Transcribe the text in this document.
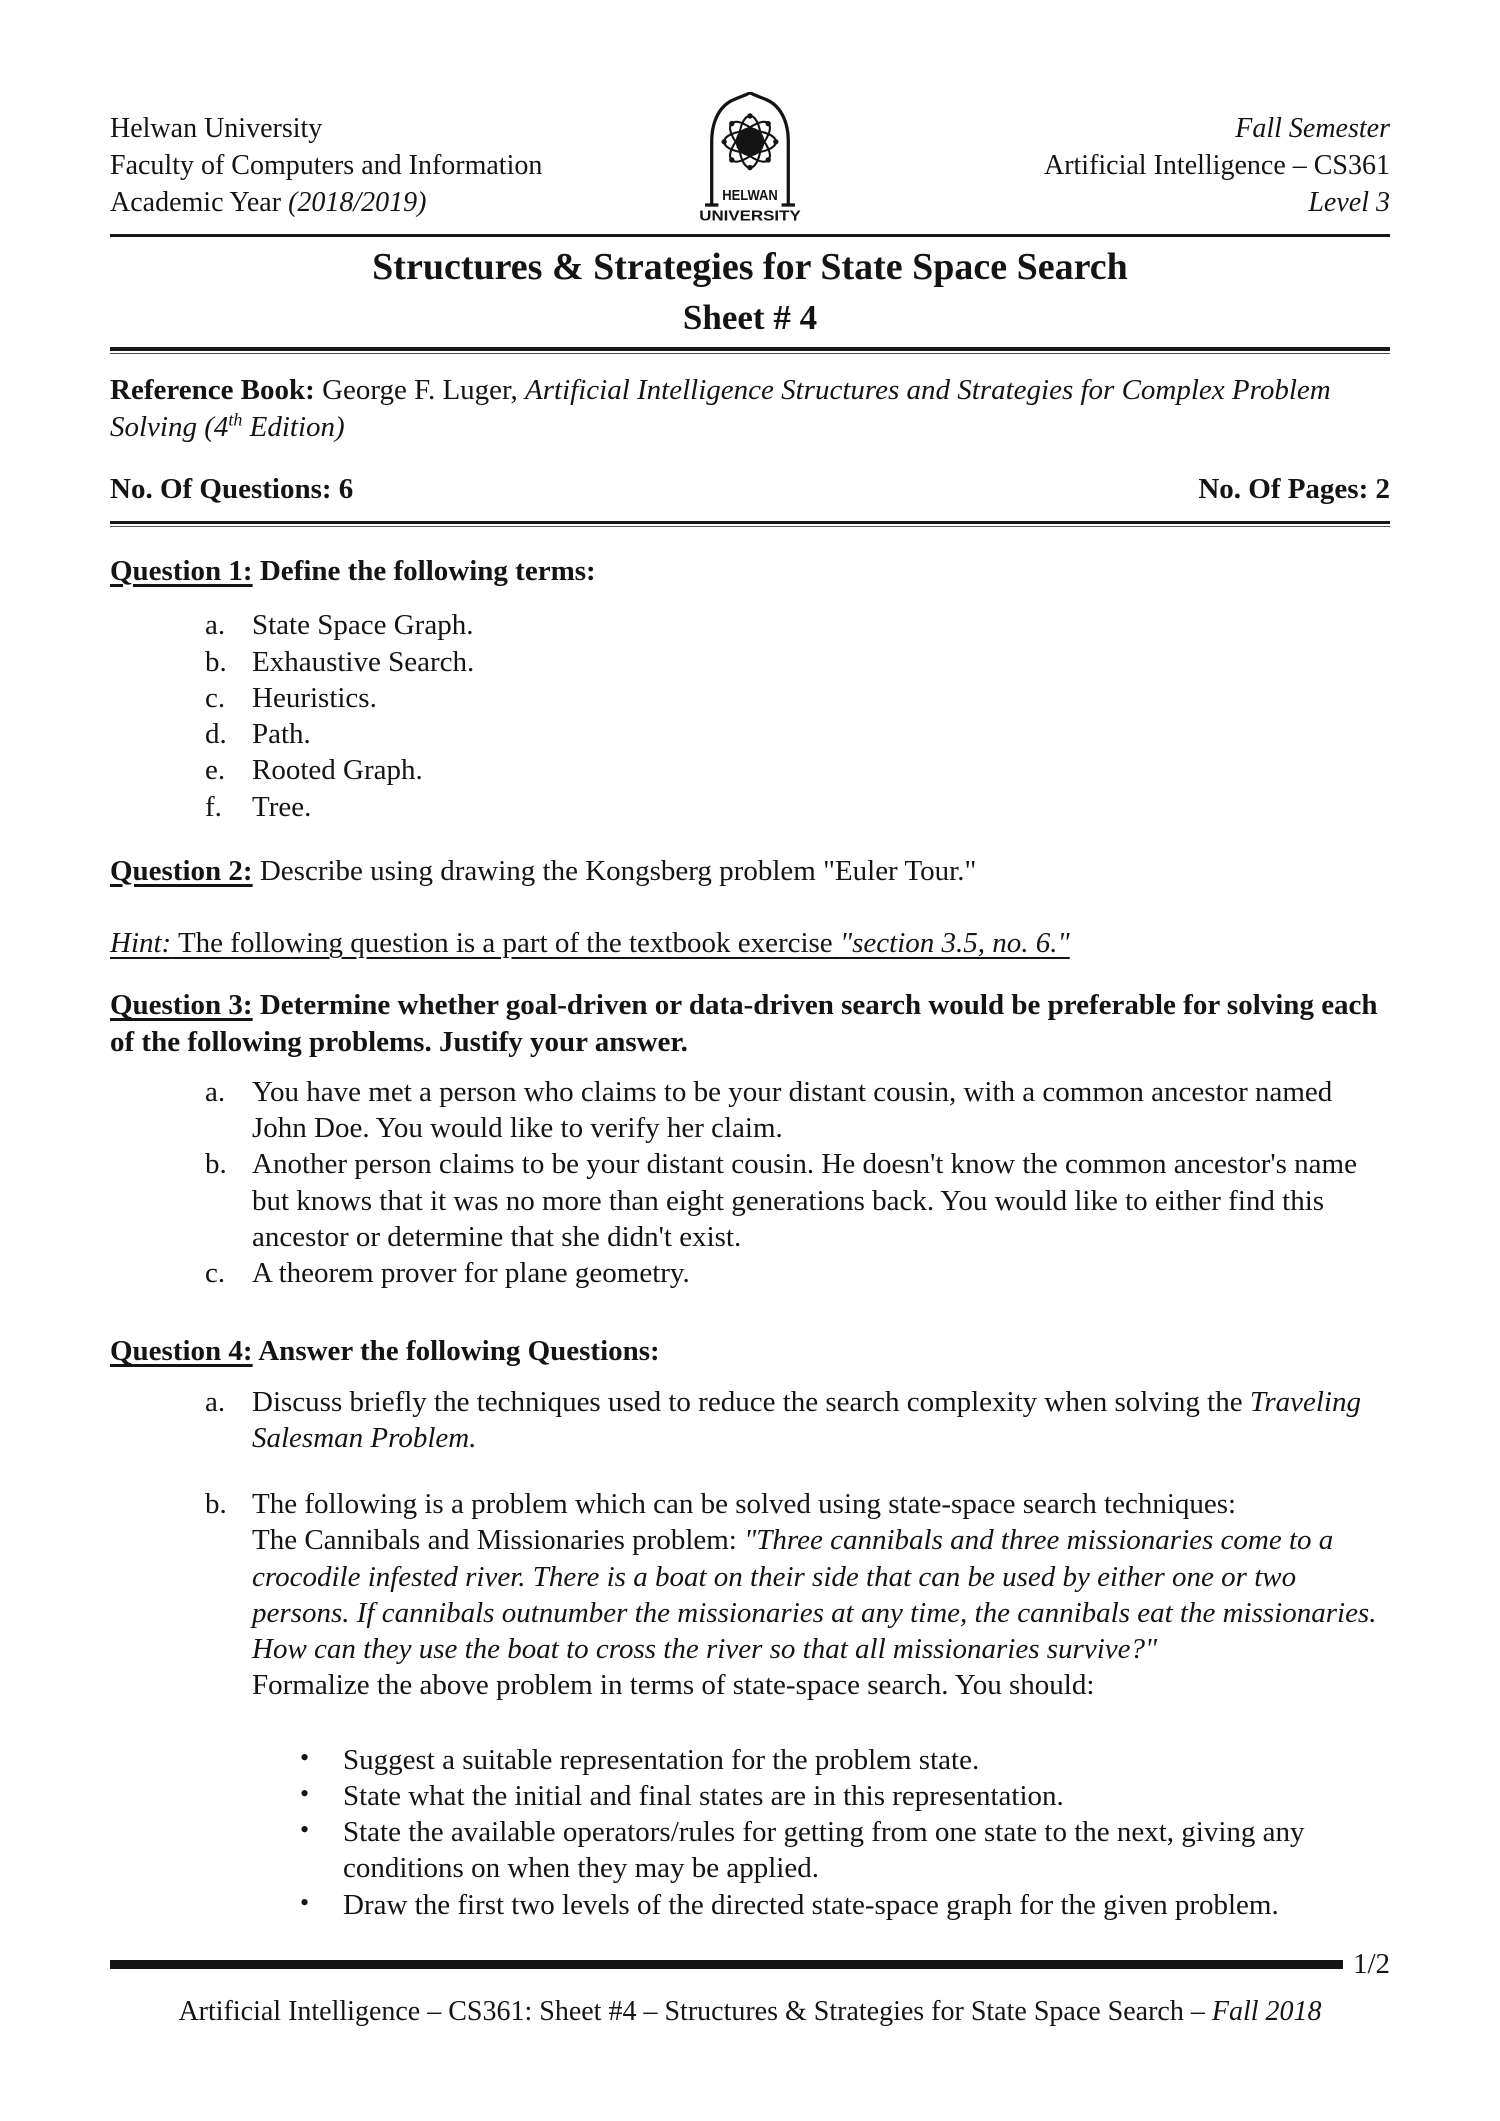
Helwan University
Faculty of Computers and Information
Academic Year (2018/2019)	HELWAN
UNIVERSITY
Fall Semester
Artificial Intelligence – CS361
Level 3
Structures & Strategies for State Space Search
Sheet # 4
Reference Book: George F. Luger, Artificial Intelligence Structures and Strategies for Complex Problem Solving (4th Edition)
No. Of Questions: 6	No. Of Pages: 2
Question 1: Define the following terms:
a. State Space Graph.
b. Exhaustive Search.
c. Heuristics.
d. Path.
e. Rooted Graph.
f.	Tree.
Question 2: Describe using drawing the Kongsberg problem "Euler Tour."
Hint: The following question is a part of the textbook exercise "section 3.5, no. 6."
Question 3: Determine whether goal-driven or data-driven search would be preferable for solving each of the following problems. Justify your answer.
a. You have met a person who claims to be your distant cousin, with a common ancestor named John Doe. You would like to verify her claim.
b. Another person claims to be your distant cousin. He doesn't know the common ancestor's name but knows that it was no more than eight generations back. You would like to either find this ancestor or determine that she didn't exist.
c. A theorem prover for plane geometry.
Question 4: Answer the following Questions:
a. Discuss briefly the techniques used to reduce the search complexity when solving the Traveling Salesman Problem.
b. The following is a problem which can be solved using state-space search techniques:
The Cannibals and Missionaries problem: "Three cannibals and three missionaries come to a crocodile infested river. There is a boat on their side that can be used by either one or two persons. If cannibals outnumber the missionaries at any time, the cannibals eat the missionaries. How can they use the boat to cross the river so that all missionaries survive?"
Formalize the above problem in terms of state-space search. You should:
•	Suggest a suitable representation for the problem state.
•	State what the initial and final states are in this representation.
•	State the available operators/rules for getting from one state to the next, giving any conditions on when they may be applied.
•	Draw the first two levels of the directed state-space graph for the given problem.
1/2
Artificial Intelligence – CS361: Sheet #4 – Structures & Strategies for State Space Search – Fall 2018
